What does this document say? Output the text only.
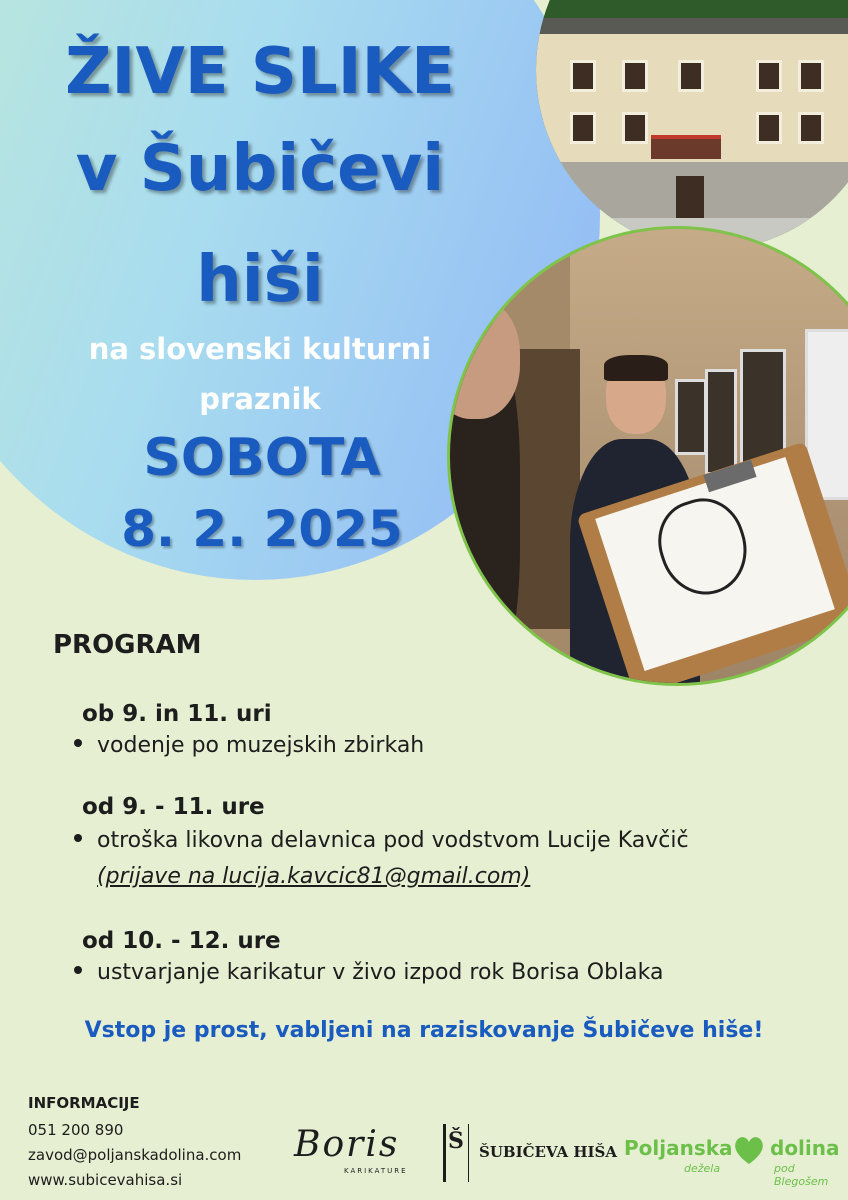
ŽIVE SLIKE
v Šubičevi
hiši
na slovenski kulturni
praznik
SOBOTA
8. 2. 2025
PROGRAM
ob 9. in 11. uri
vodenje po muzejskih zbirkah
od 9. - 11. ure
otroška likovna delavnica pod vodstvom Lucije Kavčič
(prijave na lucija.kavcic81@gmail.com)
od 10. - 12. ure
ustvarjanje karikatur v živo izpod rok Borisa Oblaka
Vstop je prost, vabljeni na raziskovanje Šubičeve hiše!
INFORMACIJE
051 200 890
zavod@poljanskadolina.com
www.subicevahisa.si
Boris
KARIKATURE
Š ŠUBIČEVA HIŠA Poljanska dolina
dežela	pod Blegošem
